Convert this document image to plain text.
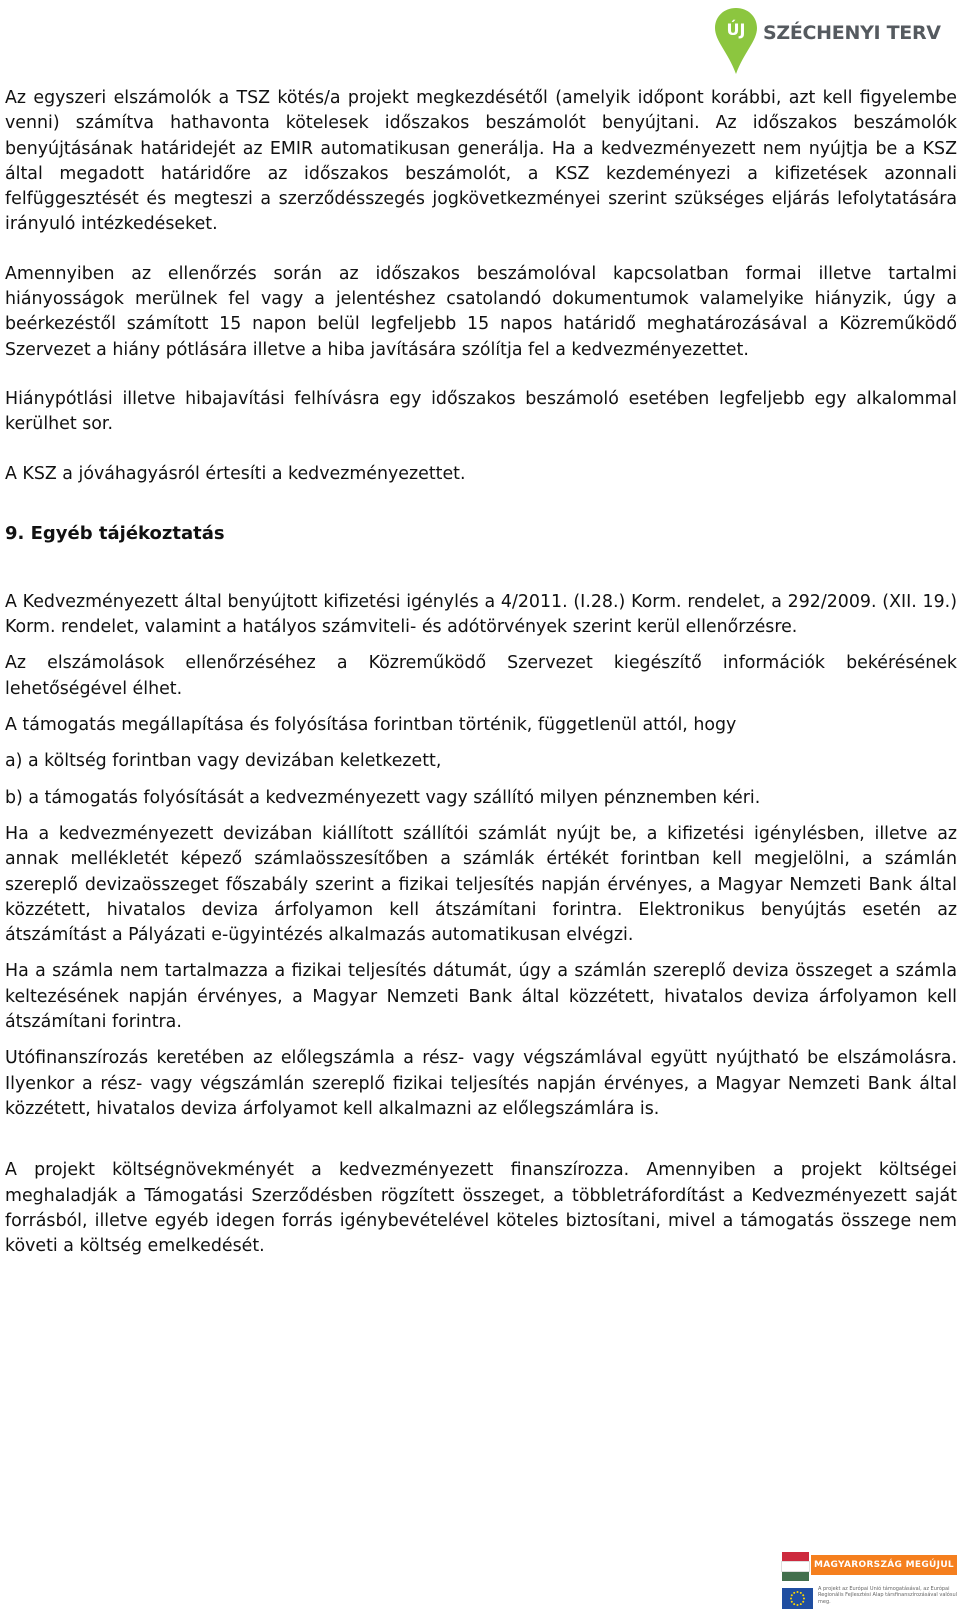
ÚJ SZÉCHENYI TERV

Az egyszeri elszámolók a TSZ kötés/a projekt megkezdésétől (amelyik időpont korábbi, azt kell figyelembe venni) számítva hathavonta kötelesek időszakos beszámolót benyújtani. Az időszakos beszámolók benyújtásának határidejét az EMIR automatikusan generálja. Ha a kedvezményezett nem nyújtja be a KSZ által megadott határidőre az időszakos beszámolót, a KSZ kezdeményezi a kifizetések azonnali felfüggesztését és megteszi a szerződésszegés jogkövetkezményei szerint szükséges eljárás lefolytatására irányuló intézkedéseket.

Amennyiben az ellenőrzés során az időszakos beszámolóval kapcsolatban formai illetve tartalmi hiányosságok merülnek fel vagy a jelentéshez csatolandó dokumentumok valamelyike hiányzik, úgy a beérkezéstől számított 15 napon belül legfeljebb 15 napos határidő meghatározásával a Közreműködő Szervezet a hiány pótlására illetve a hiba javítására szólítja fel a kedvezményezettet.

Hiánypótlási illetve hibajavítási felhívásra egy időszakos beszámoló esetében legfeljebb egy alkalommal kerülhet sor.

A KSZ a jóváhagyásról értesíti a kedvezményezettet.

9. Egyéb tájékoztatás

A Kedvezményezett által benyújtott kifizetési igénylés a 4/2011. (I.28.) Korm. rendelet, a 292/2009. (XII. 19.) Korm. rendelet, valamint a hatályos számviteli- és adótörvények szerint kerül ellenőrzésre.

Az elszámolások ellenőrzéséhez a Közreműködő Szervezet kiegészítő információk bekérésének lehetőségével élhet.

A támogatás megállapítása és folyósítása forintban történik, függetlenül attól, hogy

a) a költség forintban vagy devizában keletkezett,

b) a támogatás folyósítását a kedvezményezett vagy szállító milyen pénznemben kéri.

Ha a kedvezményezett devizában kiállított szállítói számlát nyújt be, a kifizetési igénylésben, illetve az annak mellékletét képező számlaösszesítőben a számlák értékét forintban kell megjelölni, a számlán szereplő devizaösszeget főszabály szerint a fizikai teljesítés napján érvényes, a Magyar Nemzeti Bank által közzétett, hivatalos deviza árfolyamon kell átszámítani forintra. Elektronikus benyújtás esetén az átszámítást a Pályázati e-ügyintézés alkalmazás automatikusan elvégzi.

Ha a számla nem tartalmazza a fizikai teljesítés dátumát, úgy a számlán szereplő deviza összeget a számla keltezésének napján érvényes, a Magyar Nemzeti Bank által közzétett, hivatalos deviza árfolyamon kell átszámítani forintra.

Utófinanszírozás keretében az előlegszámla a rész- vagy végszámlával együtt nyújtható be elszámolásra. Ilyenkor a rész- vagy végszámlán szereplő fizikai teljesítés napján érvényes, a Magyar Nemzeti Bank által közzétett, hivatalos deviza árfolyamot kell alkalmazni az előlegszámlára is.

A projekt költségnövekményét a kedvezményezett finanszírozza. Amennyiben a projekt költségei meghaladják a Támogatási Szerződésben rögzített összeget, a többletráfordítást a Kedvezményezett saját forrásból, illetve egyéb idegen forrás igénybevételével köteles biztosítani, mivel a támogatás összege nem követi a költség emelkedését.

MAGYARORSZÁG MEGÚJUL
A projekt az Európai Unió támogatásával, az Európai Regionális Fejlesztési Alap társfinanszírozásával valósul meg.
